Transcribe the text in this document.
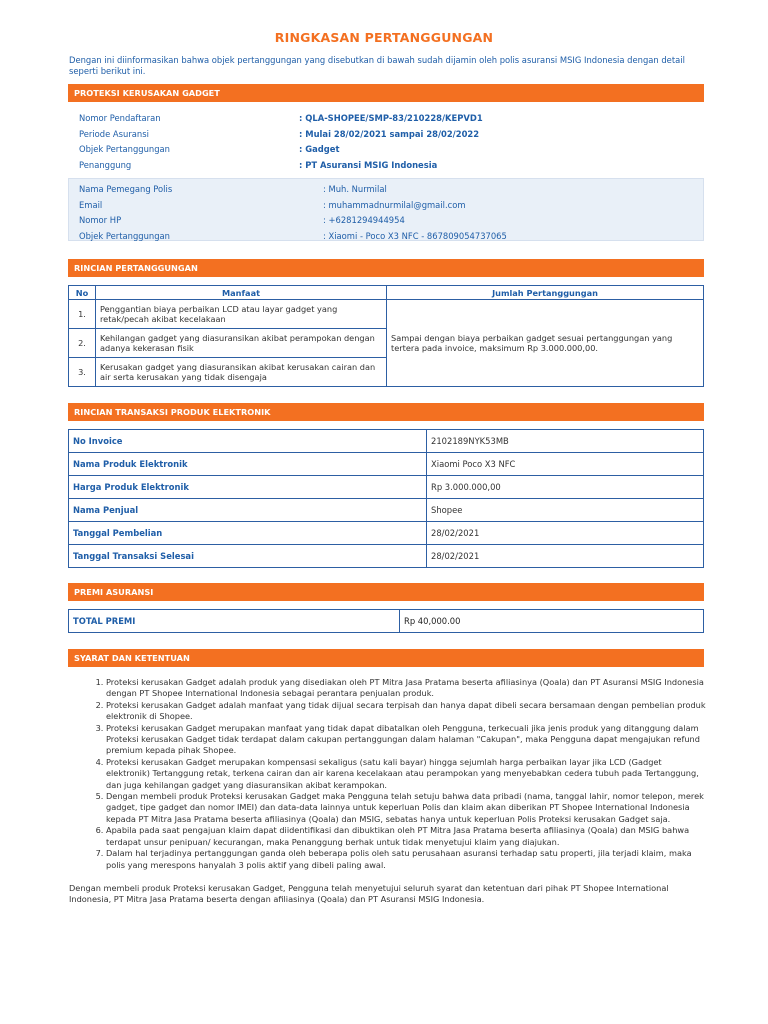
RINGKASAN PERTANGGUNGAN
Dengan ini diinformasikan bahwa objek pertanggungan yang disebutkan di bawah sudah dijamin oleh polis asuransi MSIG Indonesia dengan detail seperti berikut ini.
PROTEKSI KERUSAKAN GADGET
Nomor Pendaftaran	: QLA-SHOPEE/SMP-83/210228/KEPVD1
Periode Asuransi	: Mulai 28/02/2021 sampai 28/02/2022
Objek Pertanggungan	: Gadget
Penanggung	: PT Asuransi MSIG Indonesia
Nama Pemegang Polis	: Muh. Nurmilal
Email	: muhammadnurmilal@gmail.com
Nomor HP	: +6281294944954
Objek Pertanggungan	: Xiaomi - Poco X3 NFC - 867809054737065
RINCIAN PERTANGGUNGAN
No	Manfaat	Jumlah Pertanggungan
1.	Penggantian biaya perbaikan LCD atau layar gadget yang retak/pecah akibat kecelakaan	Sampai dengan biaya perbaikan gadget sesuai pertanggungan yang tertera pada invoice, maksimum Rp 3.000.000,00.
2.	Kehilangan gadget yang diasuransikan akibat perampokan dengan adanya kekerasan fisik	
3.	Kerusakan gadget yang diasuransikan akibat kerusakan cairan dan air serta kerusakan yang tidak disengaja	
RINCIAN TRANSAKSI PRODUK ELEKTRONIK
No Invoice	2102189NYK53MB
Nama Produk Elektronik	Xiaomi Poco X3 NFC
Harga Produk Elektronik	Rp 3.000.000,00
Nama Penjual	Shopee
Tanggal Pembelian	28/02/2021
Tanggal Transaksi Selesai	28/02/2021
PREMI ASURANSI
TOTAL PREMI	Rp 40,000.00
SYARAT DAN KETENTUAN
1. Proteksi kerusakan Gadget adalah produk yang disediakan oleh PT Mitra Jasa Pratama beserta afiliasinya (Qoala) dan PT Asuransi MSIG Indonesia dengan PT Shopee International Indonesia sebagai perantara penjualan produk.
2. Proteksi kerusakan Gadget adalah manfaat yang tidak dijual secara terpisah dan hanya dapat dibeli secara bersamaan dengan pembelian produk elektronik di Shopee.
3. Proteksi kerusakan Gadget merupakan manfaat yang tidak dapat dibatalkan oleh Pengguna, terkecuali jika jenis produk yang ditanggung dalam Proteksi kerusakan Gadget tidak terdapat dalam cakupan pertanggungan dalam halaman "Cakupan", maka Pengguna dapat mengajukan refund premium kepada pihak Shopee.
4. Proteksi kerusakan Gadget merupakan kompensasi sekaligus (satu kali bayar) hingga sejumlah harga perbaikan layar jika LCD (Gadget elektronik) Tertanggung retak, terkena cairan dan air karena kecelakaan atau perampokan yang menyebabkan cedera tubuh pada Tertanggung, dan juga kehilangan gadget yang diasuransikan akibat kerampokan.
5. Dengan membeli produk Proteksi kerusakan Gadget maka Pengguna telah setuju bahwa data pribadi (nama, tanggal lahir, nomor telepon, merek gadget, tipe gadget dan nomor IMEI) dan data-data lainnya untuk keperluan Polis dan klaim akan diberikan PT Shopee International Indonesia kepada PT Mitra Jasa Pratama beserta afiliasinya (Qoala) dan MSIG, sebatas hanya untuk keperluan Polis Proteksi kerusakan Gadget saja.
6. Apabila pada saat pengajuan klaim dapat diidentifikasi dan dibuktikan oleh PT Mitra Jasa Pratama beserta afiliasinya (Qoala) dan MSIG bahwa terdapat unsur penipuan/ kecurangan, maka Penanggung berhak untuk tidak menyetujui klaim yang diajukan.
7. Dalam hal terjadinya pertanggungan ganda oleh beberapa polis oleh satu perusahaan asuransi terhadap satu properti, jila terjadi klaim, maka polis yang merespons hanyalah 3 polis aktif yang dibeli paling awal.
Dengan membeli produk Proteksi kerusakan Gadget, Pengguna telah menyetujui seluruh syarat dan ketentuan dari pihak PT Shopee International Indonesia, PT Mitra Jasa Pratama beserta dengan afiliasinya (Qoala) dan PT Asuransi MSIG Indonesia.
